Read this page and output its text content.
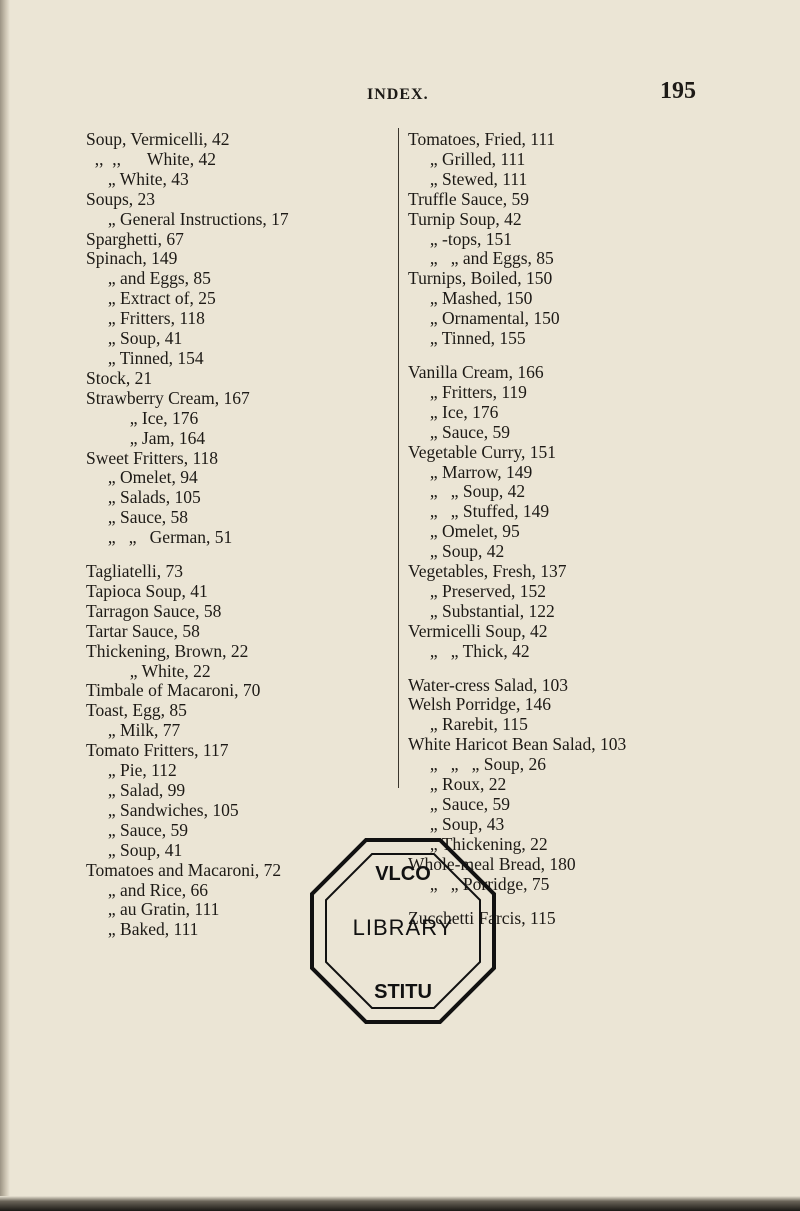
INDEX.	195
Soup, Vermicelli, 42
,,  ,,      White, 42
„ White, 43
Soups, 23
„ General Instructions, 17
Sparghetti, 67
Spinach, 149
„ and Eggs, 85
„ Extract of, 25
„ Fritters, 118
„ Soup, 41
„ Tinned, 154
Stock, 21
Strawberry Cream, 167
„ Ice, 176
„ Jam, 164
Sweet Fritters, 118
„ Omelet, 94
„ Salads, 105
„ Sauce, 58
„   „   German, 51
Tagliatelli, 73
Tapioca Soup, 41
Tarragon Sauce, 58
Tartar Sauce, 58
Thickening, Brown, 22
„ White, 22
Timbale of Macaroni, 70
Toast, Egg, 85
„ Milk, 77
Tomato Fritters, 117
„ Pie, 112
„ Salad, 99
„ Sandwiches, 105
„ Sauce, 59
„ Soup, 41
Tomatoes and Macaroni, 72
„ and Rice, 66
„ au Gratin, 111
„ Baked, 111
Tomatoes, Fried, 111
„ Grilled, 111
„ Stewed, 111
Truffle Sauce, 59
Turnip Soup, 42
„ -tops, 151
„   „ and Eggs, 85
Turnips, Boiled, 150
„ Mashed, 150
„ Ornamental, 150
„ Tinned, 155
Vanilla Cream, 166
„ Fritters, 119
„ Ice, 176
„ Sauce, 59
Vegetable Curry, 151
„ Marrow, 149
„   „ Soup, 42
„   „ Stuffed, 149
„ Omelet, 95
„ Soup, 42
Vegetables, Fresh, 137
„ Preserved, 152
„ Substantial, 122
Vermicelli Soup, 42
„   „ Thick, 42
Water-cress Salad, 103
Welsh Porridge, 146
„ Rarebit, 115
White Haricot Bean Salad, 103
„   „   „ Soup, 26
„ Roux, 22
„ Sauce, 59
„ Soup, 43
„ Thickening, 22
Whole-meal Bread, 180
„   „ Porridge, 75
Zucchetti Farcis, 115
VLCO
STITU
LIBRARY
